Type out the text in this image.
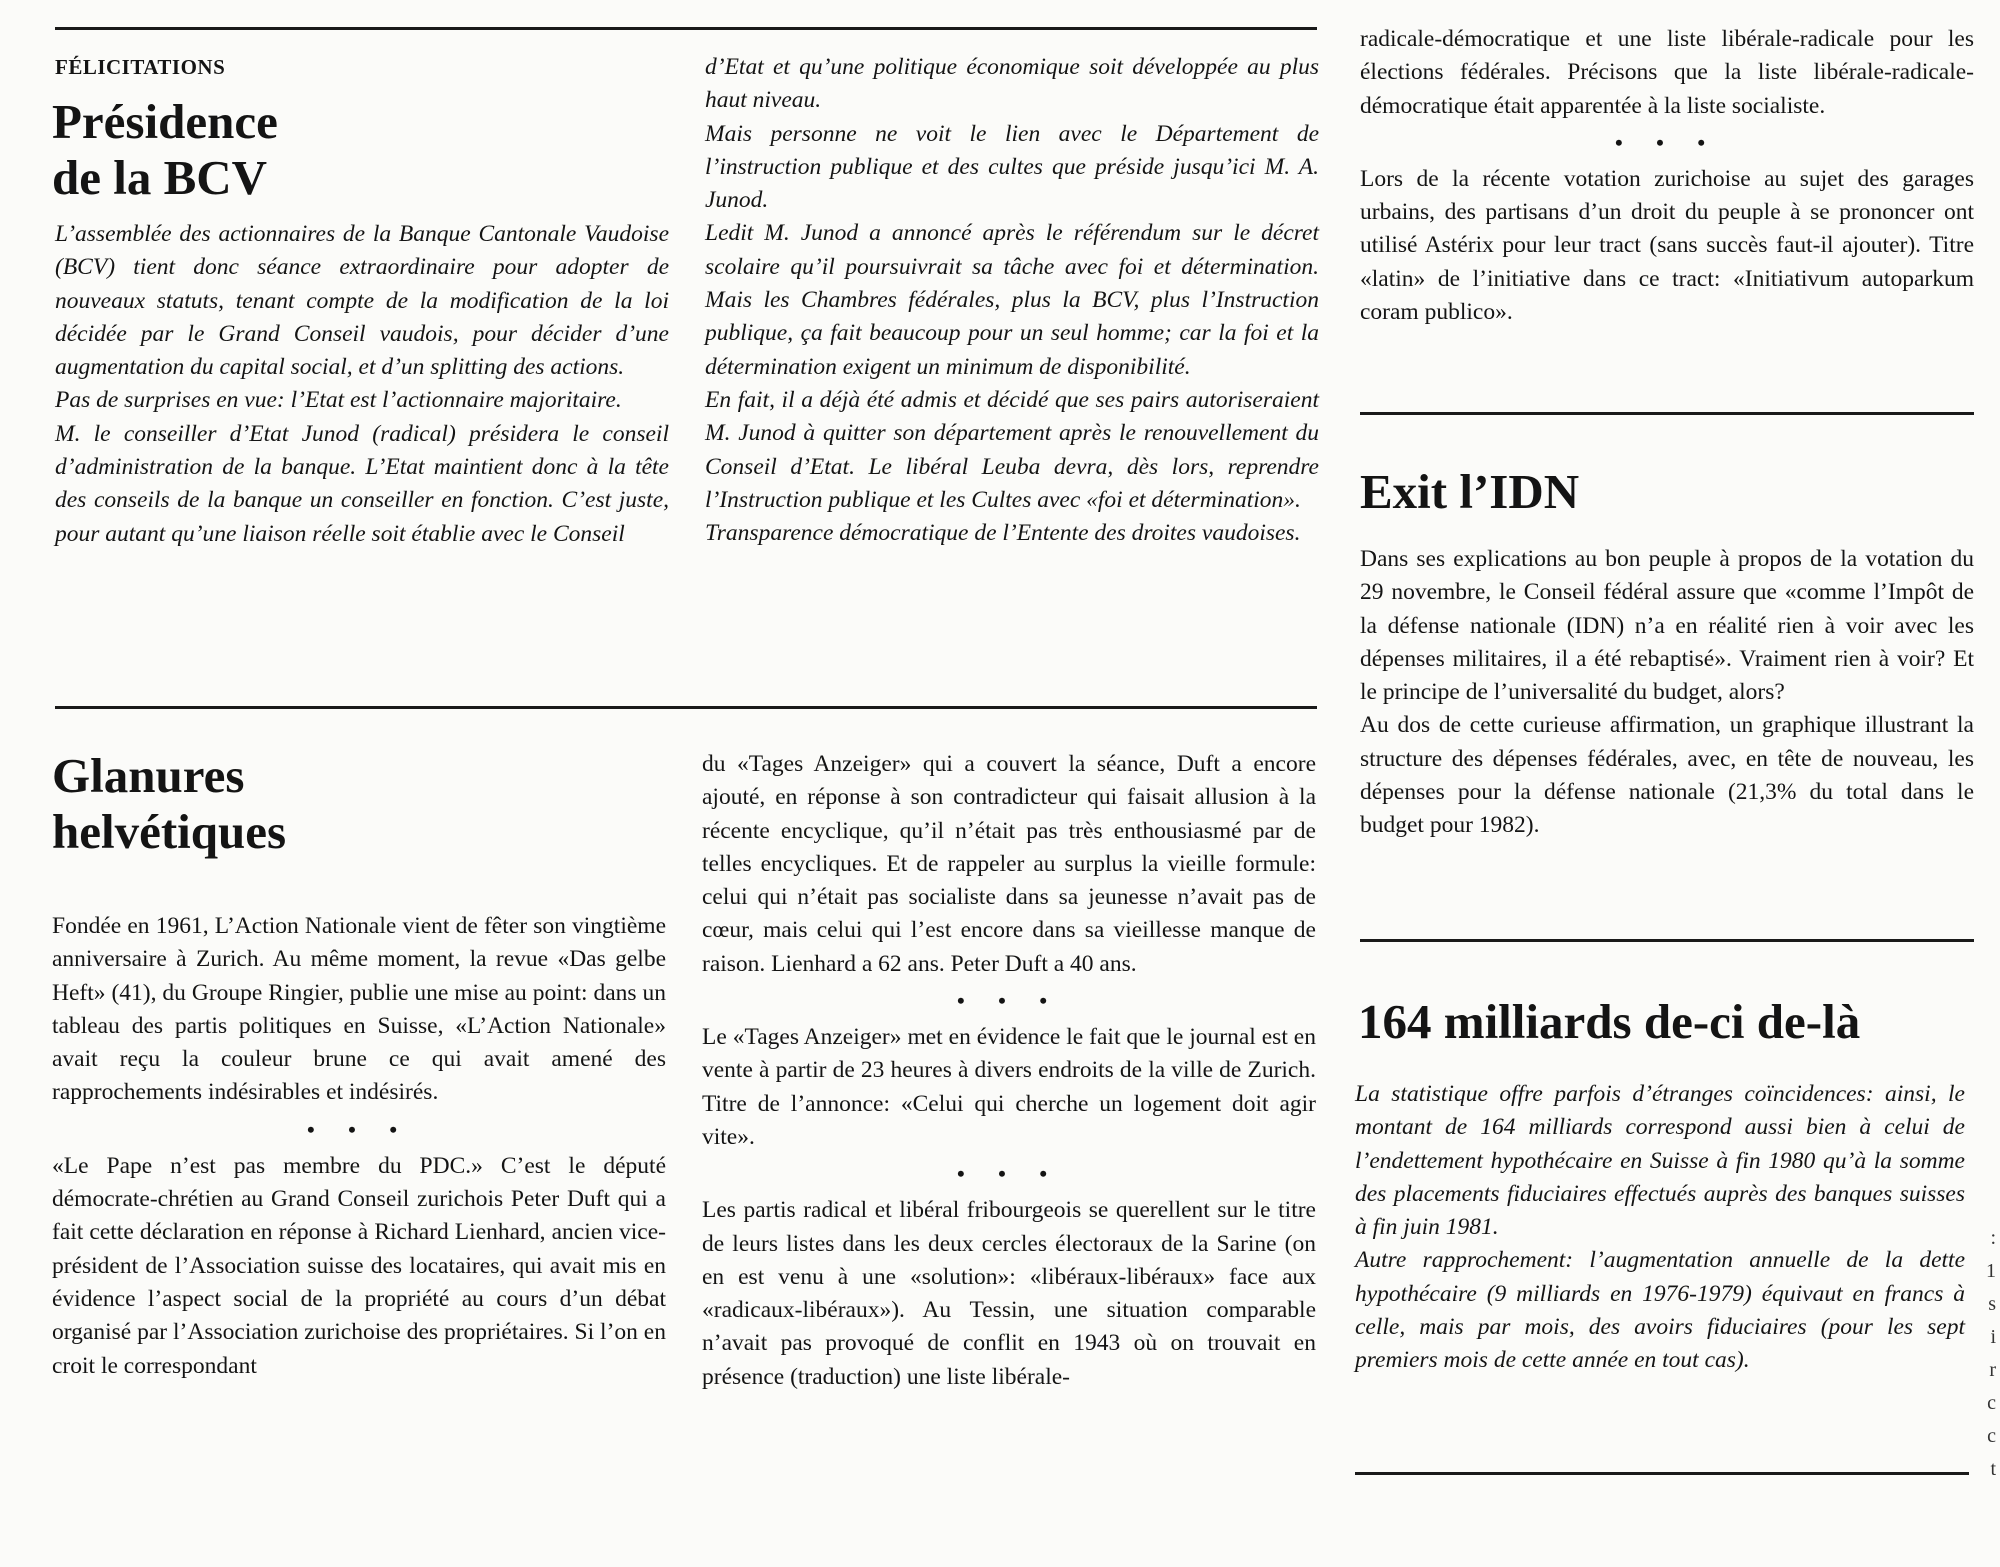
FÉLICITATIONS
Présidence
de la BCV

L’assemblée des actionnaires de la Banque Cantonale Vaudoise (BCV) tient donc séance extraordinaire pour adopter de nouveaux statuts, tenant compte de la modification de la loi décidée par le Grand Conseil vaudois, pour décider d’une augmentation du capital social, et d’un splitting des actions.

Pas de surprises en vue: l’Etat est l’actionnaire majoritaire.

M. le conseiller d’Etat Junod (radical) présidera le conseil d’administration de la banque. L’Etat maintient donc à la tête des conseils de la banque un conseiller en fonction. C’est juste, pour autant qu’une liaison réelle soit établie avec le Conseil

d’Etat et qu’une politique économique soit développée au plus haut niveau.

Mais personne ne voit le lien avec le Département de l’instruction publique et des cultes que préside jusqu’ici M. A. Junod.

Ledit M. Junod a annoncé après le référendum sur le décret scolaire qu’il poursuivrait sa tâche avec foi et détermination. Mais les Chambres fédérales, plus la BCV, plus l’Instruction publique, ça fait beaucoup pour un seul homme; car la foi et la détermination exigent un minimum de disponibilité.

En fait, il a déjà été admis et décidé que ses pairs autoriseraient M. Junod à quitter son département après le renouvellement du Conseil d’Etat. Le libéral Leuba devra, dès lors, reprendre l’Instruction publique et les Cultes avec «foi et détermination».

Transparence démocratique de l’Entente des droites vaudoises.

Glanures
helvétiques

Fondée en 1961, L’Action Nationale vient de fêter son vingtième anniversaire à Zurich. Au même moment, la revue «Das gelbe Heft» (41), du Groupe Ringier, publie une mise au point: dans un tableau des partis politiques en Suisse, «L’Action Nationale» avait reçu la couleur brune ce qui avait amené des rapprochements indésirables et indésirés.

• • •

«Le Pape n’est pas membre du PDC.» C’est le député démocrate-chrétien au Grand Conseil zurichois Peter Duft qui a fait cette déclaration en réponse à Richard Lienhard, ancien vice-président de l’Association suisse des locataires, qui avait mis en évidence l’aspect social de la propriété au cours d’un débat organisé par l’Association zurichoise des propriétaires. Si l’on en croit le correspondant

du «Tages Anzeiger» qui a couvert la séance, Duft a encore ajouté, en réponse à son contradicteur qui faisait allusion à la récente encyclique, qu’il n’était pas très enthousiasmé par de telles encycliques. Et de rappeler au surplus la vieille formule: celui qui n’était pas socialiste dans sa jeunesse n’avait pas de cœur, mais celui qui l’est encore dans sa vieillesse manque de raison. Lienhard a 62 ans. Peter Duft a 40 ans.

• • •

Le «Tages Anzeiger» met en évidence le fait que le journal est en vente à partir de 23 heures à divers endroits de la ville de Zurich. Titre de l’annonce: «Celui qui cherche un logement doit agir vite».

• • •

Les partis radical et libéral fribourgeois se querellent sur le titre de leurs listes dans les deux cercles électoraux de la Sarine (on en est venu à une «solution»: «libéraux-libéraux» face aux «radicaux-libéraux»). Au Tessin, une situation comparable n’avait pas provoqué de conflit en 1943 où on trouvait en présence (traduction) une liste libérale-

radicale-démocratique et une liste libérale-radicale pour les élections fédérales. Précisons que la liste libérale-radicale-démocratique était apparentée à la liste socialiste.

• • •

Lors de la récente votation zurichoise au sujet des garages urbains, des partisans d’un droit du peuple à se prononcer ont utilisé Astérix pour leur tract (sans succès faut-il ajouter). Titre «latin» de l’initiative dans ce tract: «Initiativum autoparkum coram publico».

Exit l’IDN

Dans ses explications au bon peuple à propos de la votation du 29 novembre, le Conseil fédéral assure que «comme l’Impôt de la défense nationale (IDN) n’a en réalité rien à voir avec les dépenses militaires, il a été rebaptisé». Vraiment rien à voir? Et le principe de l’universalité du budget, alors?

Au dos de cette curieuse affirmation, un graphique illustrant la structure des dépenses fédérales, avec, en tête de nouveau, les dépenses pour la défense nationale (21,3% du total dans le budget pour 1982).

164 milliards de-ci de-là

La statistique offre parfois d’étranges coïncidences: ainsi, le montant de 164 milliards correspond aussi bien à celui de l’endettement hypothécaire en Suisse à fin 1980 qu’à la somme des placements fiduciaires effectués auprès des banques suisses à fin juin 1981.

Autre rapprochement: l’augmentation annuelle de la dette hypothécaire (9 milliards en 1976-1979) équivaut en francs à celle, mais par mois, des avoirs fiduciaires (pour les sept premiers mois de cette année en tout cas).

:
1
s
i
r
c
c
t
